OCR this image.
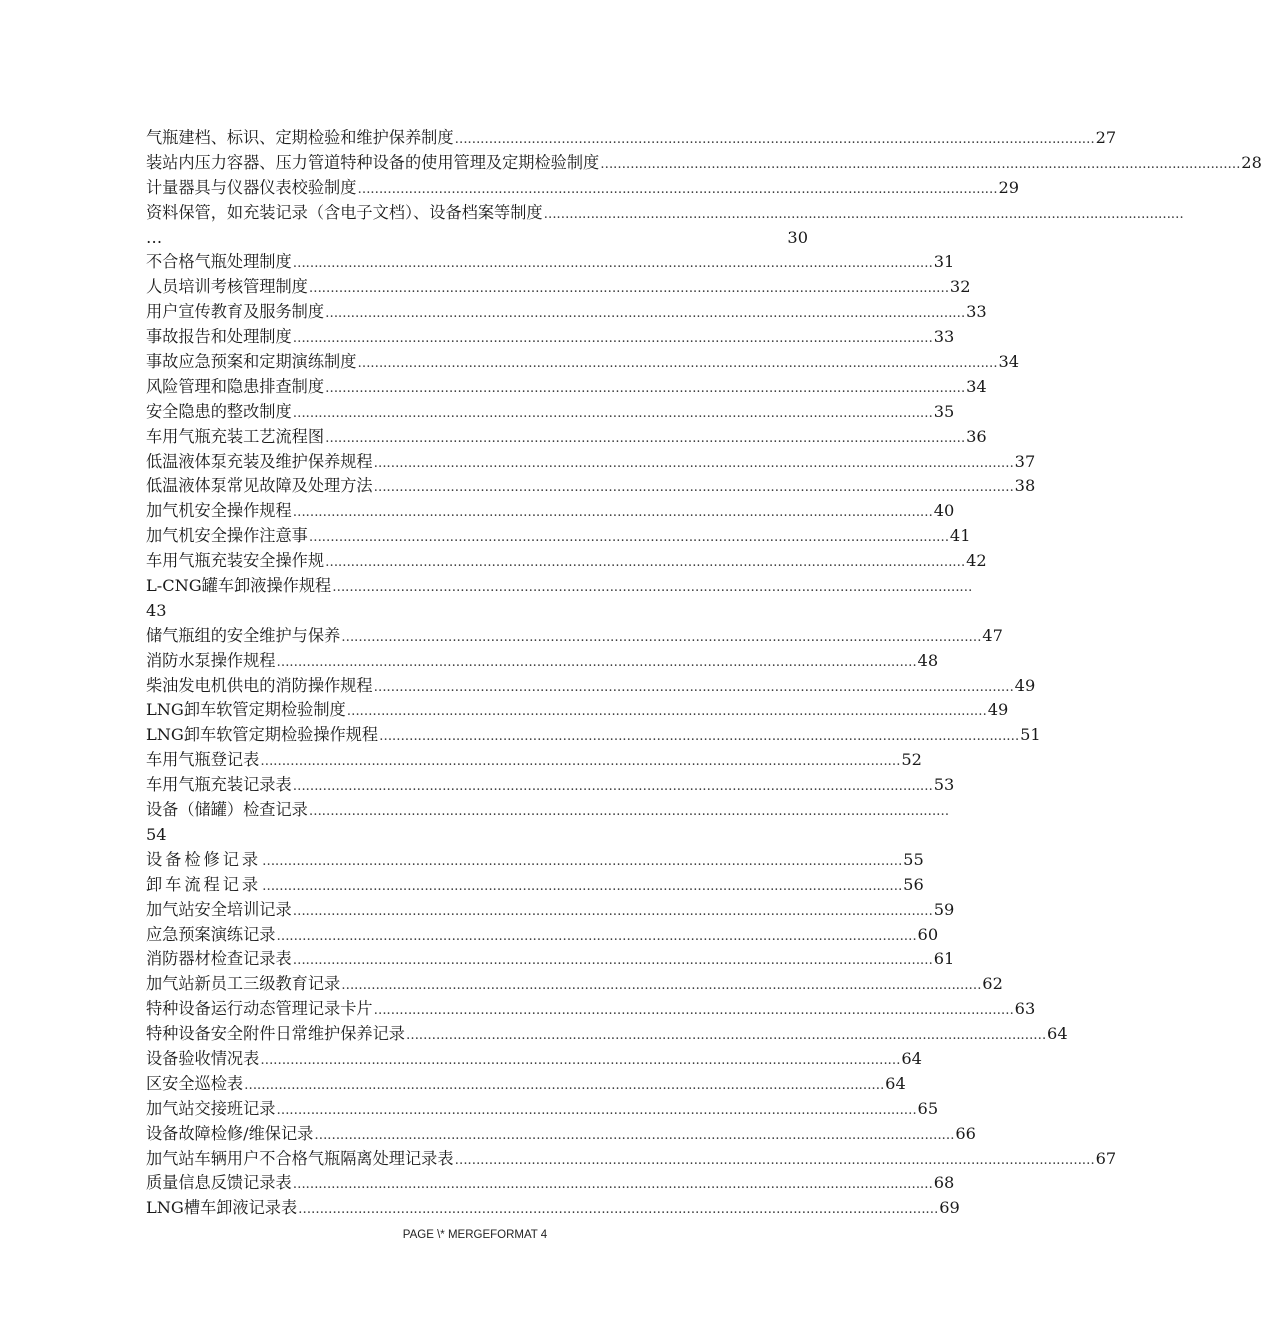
气瓶建档、标识、定期检验和维护保养制度 …………………………………………………………………………………………………………………………………… 27
装站内压力容器、压力管道特种设备的使用管理及定期检验制度 …………………………………………………………………………………………………………………………………… 28
计量器具与仪器仪表校验制度 …………………………………………………………………………………………………………………………………… 29
资料保管，如充装记录（含电子文档）、设备档案等制度 ……………………………………………………………………………………………………………………………………
…	30
不合格气瓶处理制度 …………………………………………………………………………………………………………………………………… 31
人员培训考核管理制度 …………………………………………………………………………………………………………………………………… 32
用户宣传教育及服务制度 …………………………………………………………………………………………………………………………………… 33
事故报告和处理制度 …………………………………………………………………………………………………………………………………… 33
事故应急预案和定期演练制度 …………………………………………………………………………………………………………………………………… 34
风险管理和隐患排查制度 …………………………………………………………………………………………………………………………………… 34
安全隐患的整改制度 …………………………………………………………………………………………………………………………………… 35
车用气瓶充装工艺流程图 …………………………………………………………………………………………………………………………………… 36
低温液体泵充装及维护保养规程 …………………………………………………………………………………………………………………………………… 37
低温液体泵常见故障及处理方法 …………………………………………………………………………………………………………………………………… 38
加气机安全操作规程 …………………………………………………………………………………………………………………………………… 40
加气机安全操作注意事 …………………………………………………………………………………………………………………………………… 41
车用气瓶充装安全操作规 …………………………………………………………………………………………………………………………………… 42
L-CNG罐车卸液操作规程 ……………………………………………………………………………………………………………………………………
43
储气瓶组的安全维护与保养 …………………………………………………………………………………………………………………………………… 47
消防水泵操作规程 …………………………………………………………………………………………………………………………………… 48
柴油发电机供电的消防操作规程 …………………………………………………………………………………………………………………………………… 49
LNG卸车软管定期检验制度 …………………………………………………………………………………………………………………………………… 49
LNG卸车软管定期检验操作规程 …………………………………………………………………………………………………………………………………… 51
车用气瓶登记表 …………………………………………………………………………………………………………………………………… 52
车用气瓶充装记录表 …………………………………………………………………………………………………………………………………… 53
设备（储罐）检查记录 ……………………………………………………………………………………………………………………………………
54
设备检修记录 …………………………………………………………………………………………………………………………………… 55
卸车流程记录 …………………………………………………………………………………………………………………………………… 56
加气站安全培训记录 …………………………………………………………………………………………………………………………………… 59
应急预案演练记录 …………………………………………………………………………………………………………………………………… 60
消防器材检查记录表 …………………………………………………………………………………………………………………………………… 61
加气站新员工三级教育记录 …………………………………………………………………………………………………………………………………… 62
特种设备运行动态管理记录卡片 …………………………………………………………………………………………………………………………………… 63
特种设备安全附件日常维护保养记录 …………………………………………………………………………………………………………………………………… 64
设备验收情况表 …………………………………………………………………………………………………………………………………… 64
区安全巡检表 …………………………………………………………………………………………………………………………………… 64
加气站交接班记录 …………………………………………………………………………………………………………………………………… 65
设备故障检修/维保记录 …………………………………………………………………………………………………………………………………… 66
加气站车辆用户不合格气瓶隔离处理记录表 …………………………………………………………………………………………………………………………………… 67
质量信息反馈记录表 …………………………………………………………………………………………………………………………………… 68
LNG槽车卸液记录表 …………………………………………………………………………………………………………………………………… 69
PAGE \* MERGEFORMAT 4
